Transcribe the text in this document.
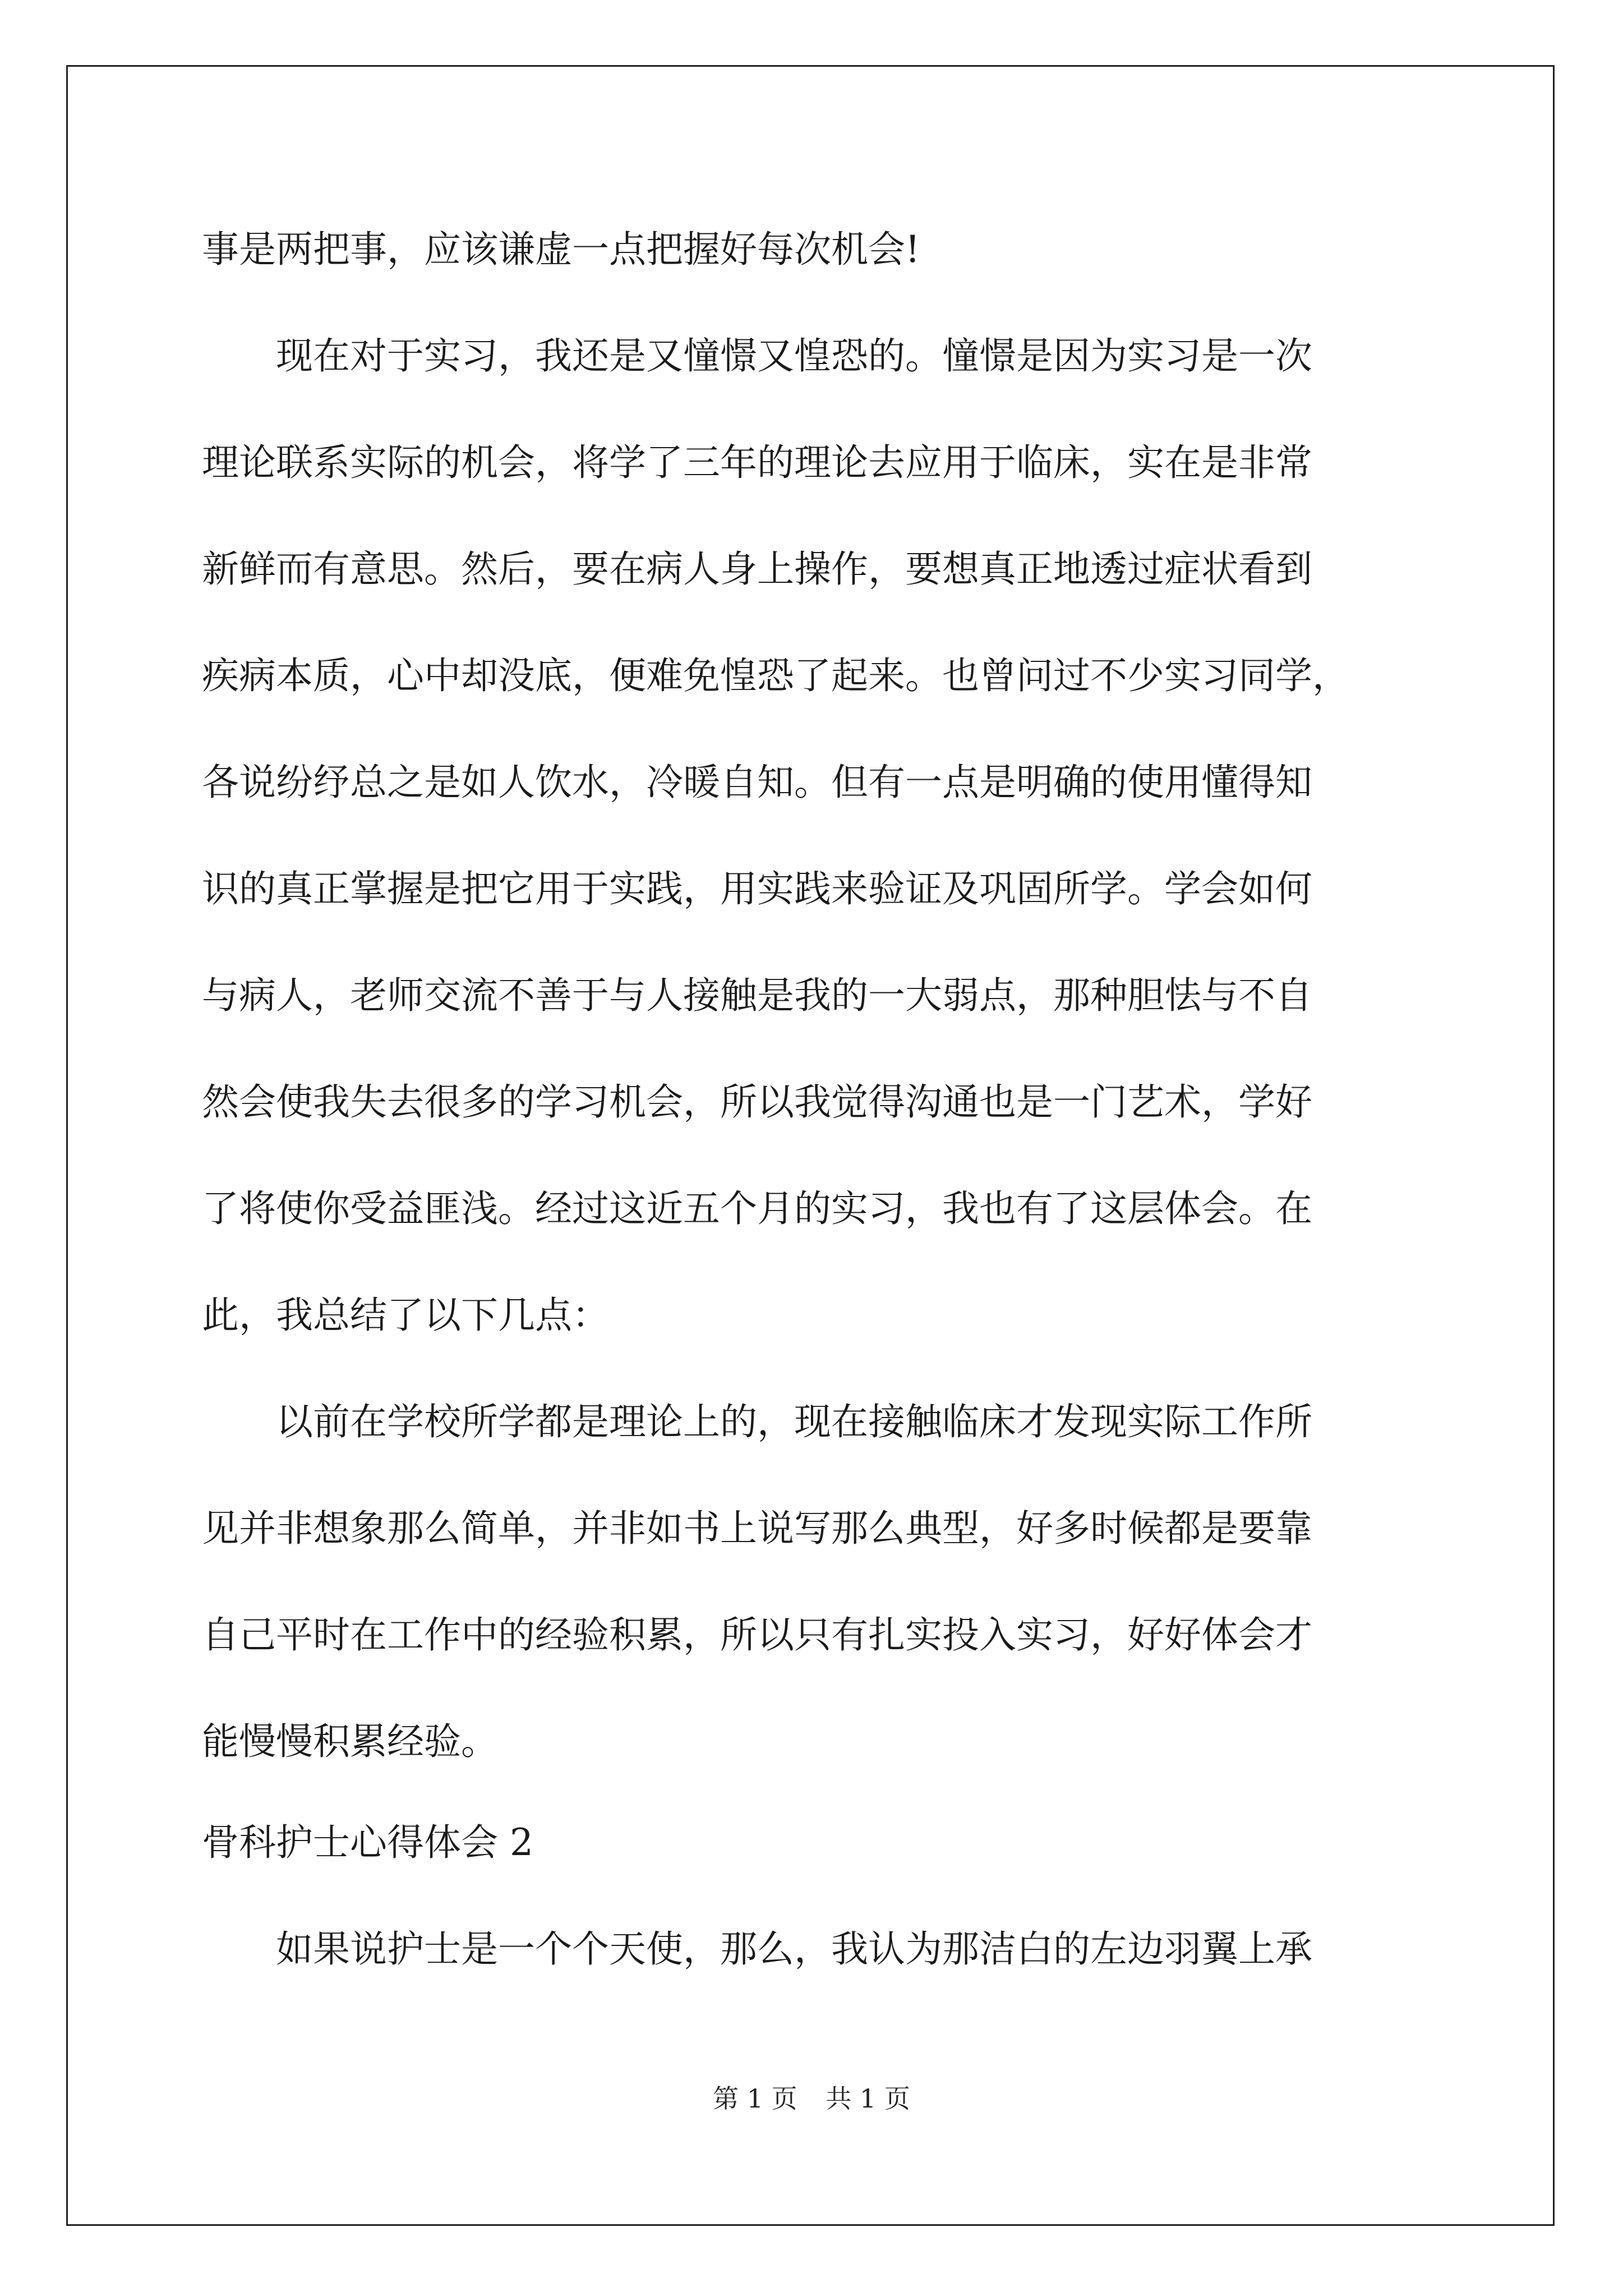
事是两把事，应该谦虚一点把握好每次机会!
　　现在对于实习，我还是又憧憬又惶恐的。憧憬是因为实习是一次
理论联系实际的机会，将学了三年的理论去应用于临床，实在是非常
新鲜而有意思。然后，要在病人身上操作，要想真正地透过症状看到
疾病本质，心中却没底，便难免惶恐了起来。也曾问过不少实习同学，
各说纷纾总之是如人饮水，冷暖自知。但有一点是明确的使用懂得知
识的真正掌握是把它用于实践，用实践来验证及巩固所学。学会如何
与病人，老师交流不善于与人接触是我的一大弱点，那种胆怯与不自
然会使我失去很多的学习机会，所以我觉得沟通也是一门艺术，学好
了将使你受益匪浅。经过这近五个月的实习，我也有了这层体会。在
此，我总结了以下几点：
　　以前在学校所学都是理论上的，现在接触临床才发现实际工作所
见并非想象那么简单，并非如书上说写那么典型，好多时候都是要靠
自己平时在工作中的经验积累，所以只有扎实投入实习，好好体会才
能慢慢积累经验。
骨科护士心得体会 2
　　如果说护士是一个个天使，那么，我认为那洁白的左边羽翼上承
第 1 页 共 1 页
